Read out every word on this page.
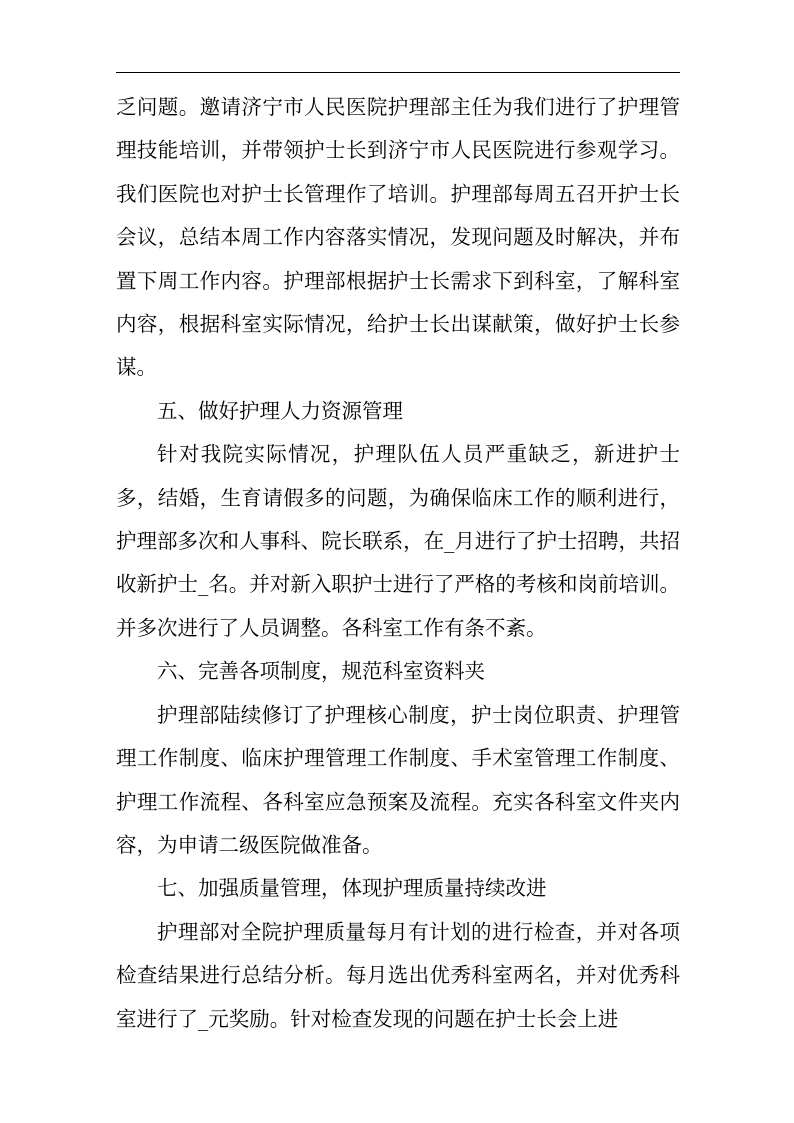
乏问题。邀请济宁市人民医院护理部主任为我们进行了护理管理技能培训，并带领护士长到济宁市人民医院进行参观学习。我们医院也对护士长管理作了培训。护理部每周五召开护士长会议，总结本周工作内容落实情况，发现问题及时解决，并布置下周工作内容。护理部根据护士长需求下到科室，了解科室内容，根据科室实际情况，给护士长出谋献策，做好护士长参谋。

五、做好护理人力资源管理

针对我院实际情况，护理队伍人员严重缺乏，新进护士多，结婚，生育请假多的问题，为确保临床工作的顺利进行，护理部多次和人事科、院长联系，在_月进行了护士招聘，共招收新护士_名。并对新入职护士进行了严格的考核和岗前培训。并多次进行了人员调整。各科室工作有条不紊。

六、完善各项制度，规范科室资料夹

护理部陆续修订了护理核心制度，护士岗位职责、护理管理工作制度、临床护理管理工作制度、手术室管理工作制度、护理工作流程、各科室应急预案及流程。充实各科室文件夹内容，为申请二级医院做准备。

七、加强质量管理，体现护理质量持续改进

护理部对全院护理质量每月有计划的进行检查，并对各项检查结果进行总结分析。每月选出优秀科室两名，并对优秀科室进行了_元奖励。针对检查发现的问题在护士长会上进
